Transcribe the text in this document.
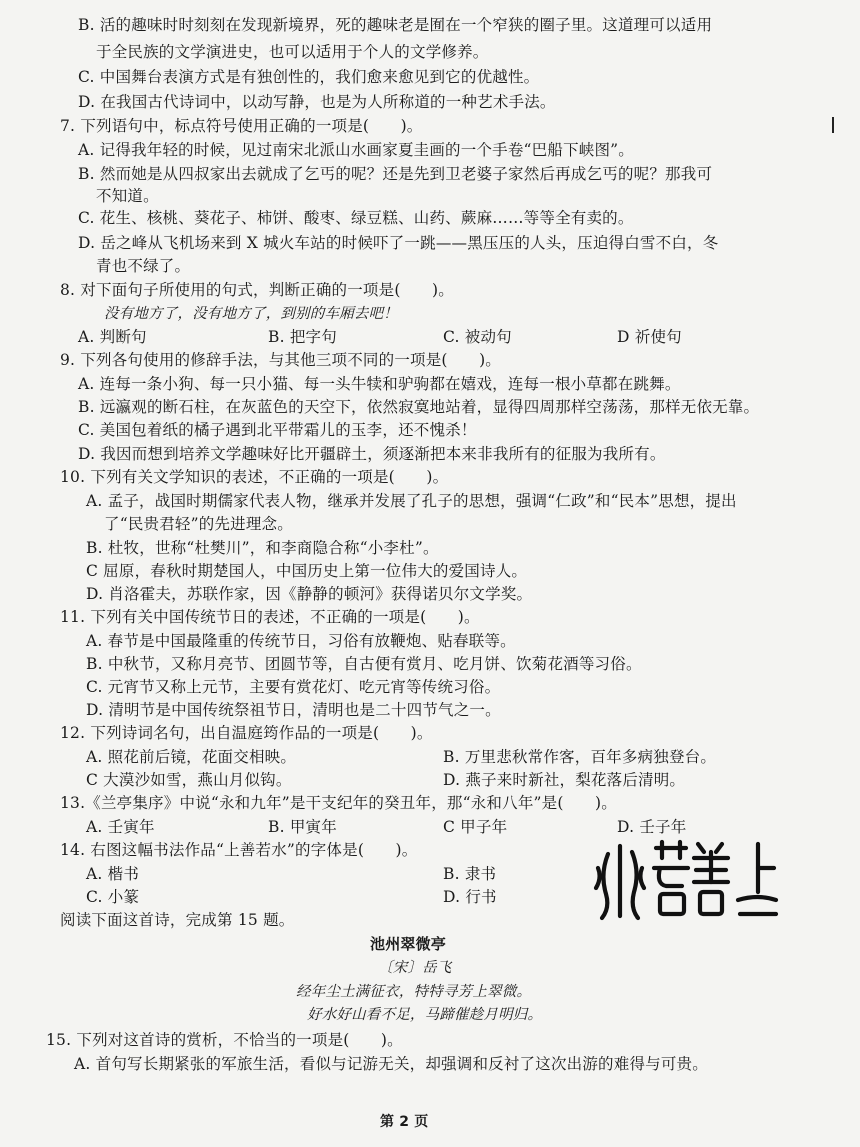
B. 活的趣味时时刻刻在发现新境界，死的趣味老是囿在一个窄狭的圈子里。这道理可以适用
于全民族的文学演进史，也可以适用于个人的文学修养。
C. 中国舞台表演方式是有独创性的，我们愈来愈见到它的优越性。
D. 在我国古代诗词中，以动写静，也是为人所称道的一种艺术手法。
7. 下列语句中，标点符号使用正确的一项是(　　)。
A. 记得我年轻的时候，见过南宋北派山水画家夏圭画的一个手卷“巴船下峡图”。
B. 然而她是从四叔家出去就成了乞丐的呢？还是先到卫老婆子家然后再成乞丐的呢？那我可
不知道。
C. 花生、核桃、葵花子、柿饼、酸枣、绿豆糕、山药、蕨麻……等等全有卖的。
D. 岳之峰从飞机场来到 X 城火车站的时候吓了一跳——黑压压的人头，压迫得白雪不白，冬
青也不绿了。
8. 对下面句子所使用的句式，判断正确的一项是(　　)。
没有地方了，没有地方了，到别的车厢去吧！
A. 判断句	B. 把字句	C. 被动句	D 祈使句
9. 下列各句使用的修辞手法，与其他三项不同的一项是(　　)。
A. 连每一条小狗、每一只小猫、每一头牛犊和驴驹都在嬉戏，连每一根小草都在跳舞。
B. 远瀛观的断石柱，在灰蓝色的天空下，依然寂寞地站着，显得四周那样空荡荡，那样无依无靠。
C. 美国包着纸的橘子遇到北平带霜儿的玉李，还不愧杀！
D. 我因而想到培养文学趣味好比开疆辟土，须逐渐把本来非我所有的征服为我所有。
10. 下列有关文学知识的表述，不正确的一项是(　　)。
A. 孟子，战国时期儒家代表人物，继承并发展了孔子的思想，强调“仁政”和“民本”思想，提出
了“民贵君轻”的先进理念。
B. 杜牧，世称“杜樊川”，和李商隐合称“小李杜”。
C 屈原，春秋时期楚国人，中国历史上第一位伟大的爱国诗人。
D. 肖洛霍夫，苏联作家，因《静静的顿河》获得诺贝尔文学奖。
11. 下列有关中国传统节日的表述，不正确的一项是(　　)。
A. 春节是中国最隆重的传统节日，习俗有放鞭炮、贴春联等。
B. 中秋节，又称月亮节、团圆节等，自古便有赏月、吃月饼、饮菊花酒等习俗。
C. 元宵节又称上元节，主要有赏花灯、吃元宵等传统习俗。
D. 清明节是中国传统祭祖节日，清明也是二十四节气之一。
12. 下列诗词名句，出自温庭筠作品的一项是(　　)。
A. 照花前后镜，花面交相映。	B. 万里悲秋常作客，百年多病独登台。
C 大漠沙如雪，燕山月似钩。	D. 燕子来时新社，梨花落后清明。
13.《兰亭集序》中说“永和九年”是干支纪年的癸丑年，那“永和八年”是(　　)。
A. 壬寅年	B. 甲寅年	C 甲子年	D. 壬子年
14. 右图这幅书法作品“上善若水”的字体是(　　)。
A. 楷书	B. 隶书
C. 小篆	D. 行书
阅读下面这首诗，完成第 15 题。
池州翠微亭
〔宋〕岳飞
经年尘土满征衣，特特寻芳上翠微。
好水好山看不足，马蹄催趁月明归。
15. 下列对这首诗的赏析，不恰当的一项是(　　)。
A. 首句写长期紧张的军旅生活，看似与记游无关，却强调和反衬了这次出游的难得与可贵。
第 2 页
